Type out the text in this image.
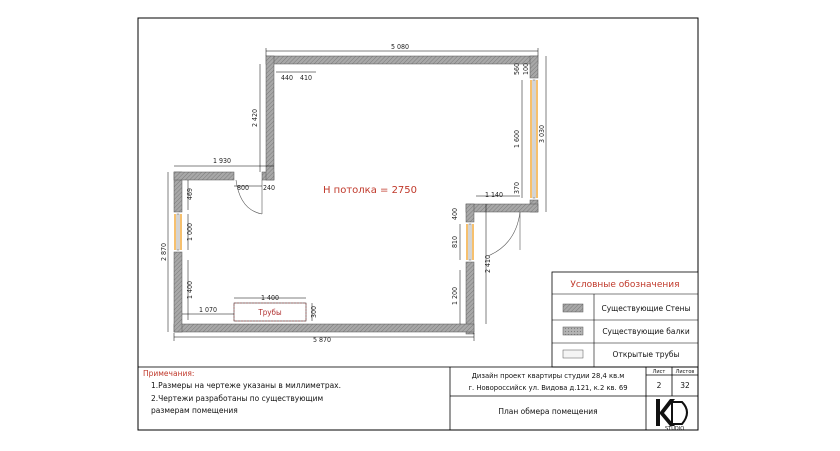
Трубы
5 080
5 870
440 410
1 930
800 240
1 400
1 070
1 140
2 420
3 030
1 600
560 100
370
2 870
469
1 000
1 400
300
400
810
2 410
1 200
H потолка = 2750
Условные обозначения
Существующие Стены
Существующие балки
Открытые трубы
Примечания:
1.Размеры на чертеже указаны в миллиметрах.
2.Чертежи разработаны по существующим
размерам помещения
Дизайн проект квартиры студии 28,4 кв.м
г. Новороссийск ул. Видова д.121, к.2 кв. 69
Лист Листов
2	32
План обмера помещения
STUDIO
